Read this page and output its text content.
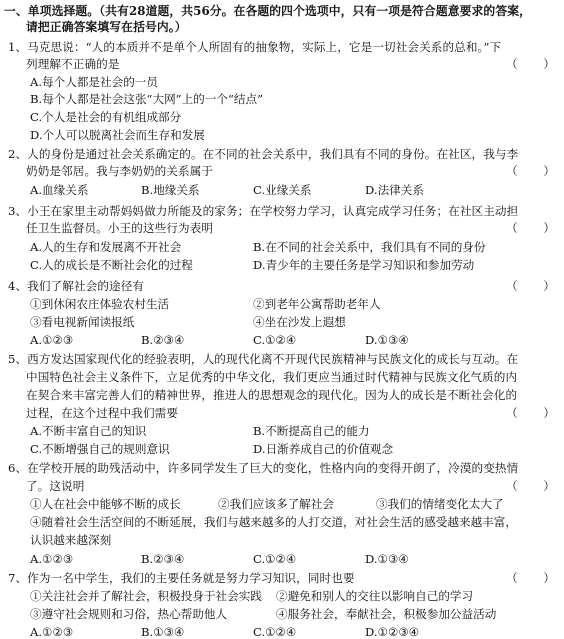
一、单项选择题。（共有28道题，共56分。在各题的四个选项中，只有一项是符合题意要求的答案，
请把正确答案填写在括号内。）
1、马克思说：“人的本质并不是单个人所固有的抽象物，实际上，它是一切社会关系的总和。”下
列理解不正确的是	（       ）
A.每个人都是社会的一员
B.每个人都是社会这张“大网”上的一个“结点”
C.个人是社会的有机组成部分
D.个人可以脱离社会而生存和发展
2、人的身份是通过社会关系确定的。在不同的社会关系中，我们具有不同的身份。在社区，我与李
奶奶是邻居。我与李奶奶的关系属于	（       ）
A.血缘关系	B.地缘关系	C.业缘关系	D.法律关系
3、小王在家里主动帮妈妈做力所能及的家务；在学校努力学习，认真完成学习任务；在社区主动担
任卫生监督员。小王的这些行为表明	（       ）
A.人的生存和发展离不开社会	B.在不同的社会关系中，我们具有不同的身份
C.人的成长是不断社会化的过程	D.青少年的主要任务是学习知识和参加劳动
4、我们了解社会的途径有	（       ）
①到休闲农庄体验农村生活	②到老年公寓帮助老年人
③看电视新闻读报纸	④坐在沙发上遐想
A.①②③	B.②③④	C.①②④	D.①③④
5、西方发达国家现代化的经验表明，人的现代化离不开现代民族精神与民族文化的成长与互动。在
中国特色社会主义条件下，立足优秀的中华文化，我们更应当通过时代精神与民族文化气质的内
在契合来丰富完善人们的精神世界，推进人的思想观念的现代化。因为人的成长是不断社会化的
过程，在这个过程中我们需要	（       ）
A.不断丰富自己的知识	B.不断提高自己的能力
C.不断增强自己的规则意识	D.日渐养成自己的价值观念
6、在学校开展的助残活动中，许多同学发生了巨大的变化，性格内向的变得开朗了，冷漠的变热情
了。这说明	（       ）
①人在社会中能够不断的成长	②我们应该多了解社会	③我们的情绪变化太大了
④随着社会生活空间的不断延展，我们与越来越多的人打交道，对社会生活的感受越来越丰富，
认识越来越深刻
A.①②③	B.②③④	C.①②④	D.①③④
7、作为一名中学生，我们的主要任务就是努力学习知识，同时也要	（       ）
①关注社会并了解社会，积极投身于社会实践 ②避免和别人的交往以影响自己的学习
③遵守社会规则和习俗，热心帮助他人	④服务社会，奉献社会，积极参加公益活动
A.①②③	B.①③④	C.①②④	D.①②③④
